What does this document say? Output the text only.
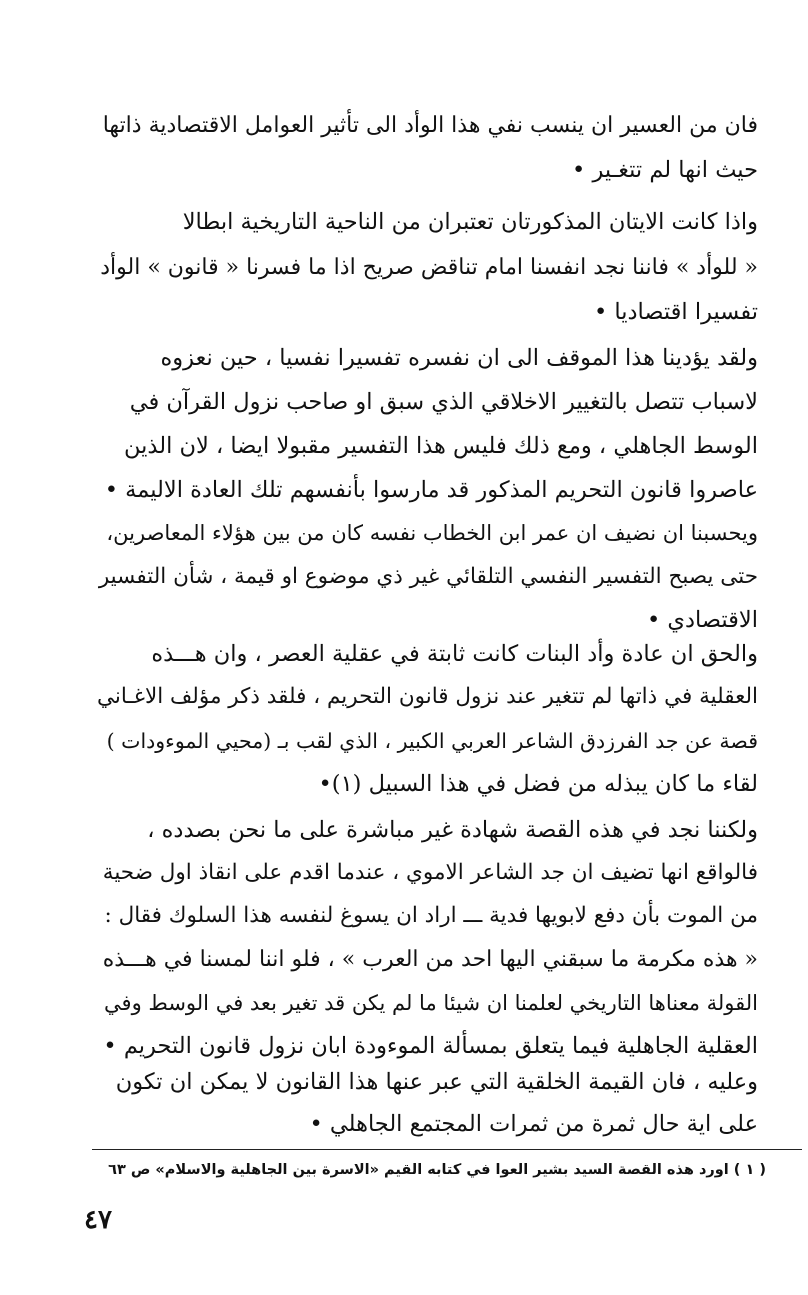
فان من العسير ان ينسب نفي هذا الوأد الى تأثير العوامل الاقتصادية ذاتها
حيث انها لم تتغـير •
واذا كانت الايتان المذكورتان تعتبران من الناحية التاريخية ابطالا
« للوأد » فاننا نجد انفسنا امام تناقض صريح اذا ما فسرنا « قانون » الوأد
تفسيرا اقتصاديا •
ولقد يؤدينا هذا الموقف الى ان نفسره تفسيرا نفسيا ، حين نعزوه
لاسباب تتصل بالتغيير الاخلاقي الذي سبق او صاحب نزول القرآن في
الوسط الجاهلي ، ومع ذلك فليس هذا التفسير مقبولا ايضا ، لان الذين
عاصروا قانون التحريم المذكور قد مارسوا بأنفسهم تلك العادة الاليمة •
ويحسبنا ان نضيف ان عمر ابن الخطاب نفسه كان من بين هؤلاء المعاصرين،
حتى يصبح التفسير النفسي التلقائي غير ذي موضوع او قيمة ، شأن التفسير
الاقتصادي •
والحق ان عادة وأد البنات كانت ثابتة في عقلية العصر ، وان هـــذه
العقلية في ذاتها لم تتغير عند نزول قانون التحريم ، فلقد ذكر مؤلف الاغـاني
قصة عن جد الفرزدق الشاعر العربي الكبير ، الذي لقب بـ (محيي الموءودات )
لقاء ما كان يبذله من فضل في هذا السبيل (١)•
ولكننا نجد في هذه القصة شهادة غير مباشرة على ما نحن بصدده ،
فالواقع انها تضيف ان جد الشاعر الاموي ، عندما اقدم على انقاذ اول ضحية
من الموت بأن دفع لابويها فدية ـــ اراد ان يسوغ لنفسه هذا السلوك فقال :
« هذه مكرمة ما سبقني اليها احد من العرب » ، فلو اننا لمسنا في هـــذه
القولة معناها التاريخي لعلمنا ان شيئا ما لم يكن قد تغير بعد في الوسط وفي
العقلية الجاهلية فيما يتعلق بمسألة الموءودة ابان نزول قانون التحريم •
وعليه ، فان القيمة الخلقية التي عبر عنها هذا القانون لا يمكن ان تكون
على اية حال ثمرة من ثمرات المجتمع الجاهلي •
( ١ ) اورد هذه القصة السيد بشير العوا في كتابه القيم «الاسرة بين الجاهلية والاسلام» ص ٦٣
٤٧
